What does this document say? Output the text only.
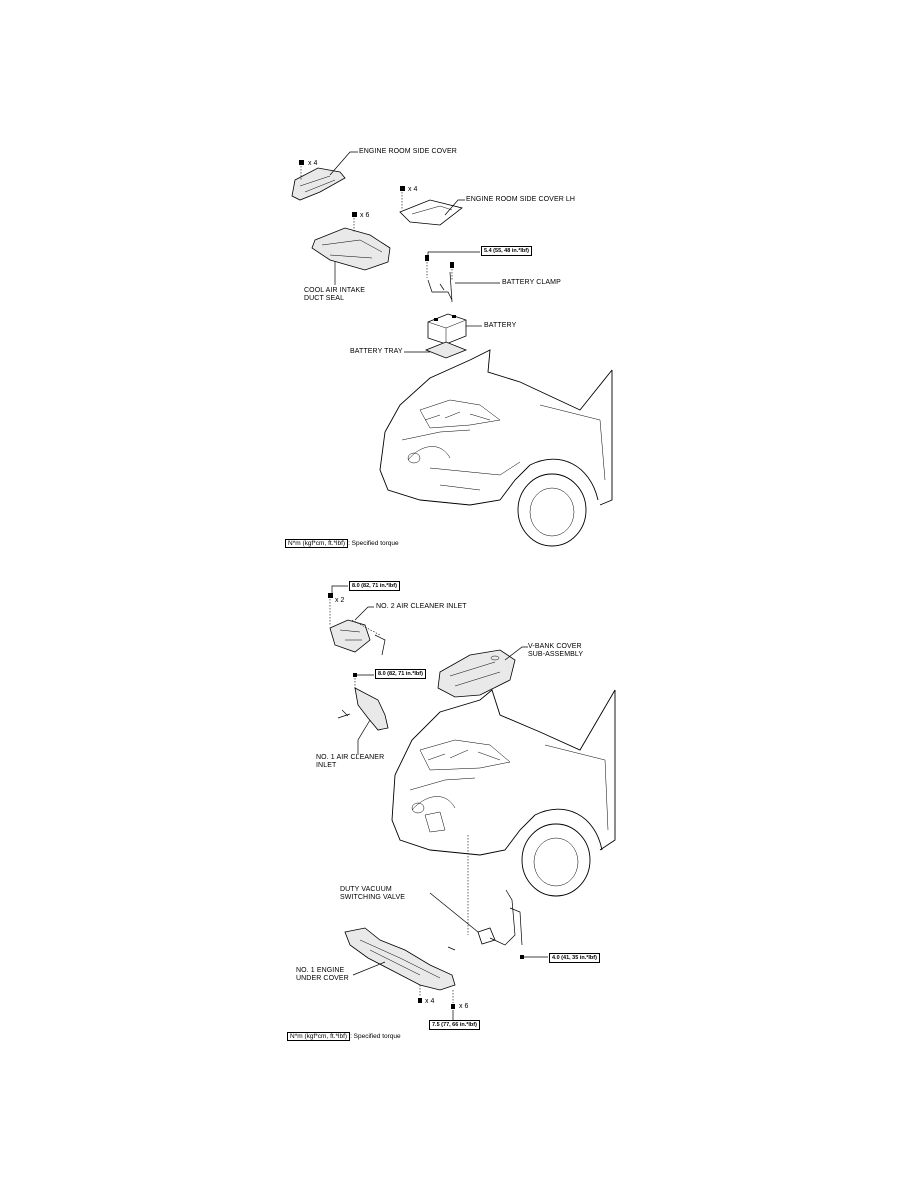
x 4
ENGINE ROOM SIDE COVER
x 4
ENGINE ROOM SIDE COVER LH
x 6
5.4 (55, 48 in.*lbf)
COOL AIR INTAKE
DUCT SEAL
BATTERY CLAMP
BATTERY
BATTERY TRAY
N*m (kgf*cm, ft.*lbf) : Specified torque
8.0 (82, 71 in.*lbf)
x 2
NO. 2 AIR CLEANER INLET
V-BANK COVER
SUB-ASSEMBLY
8.0 (82, 71 in.*lbf)
NO. 1 AIR CLEANER
INLET
DUTY VACUUM
SWITCHING VALVE
4.0 (41, 35 in.*lbf)
NO. 1 ENGINE
UNDER COVER
x 4
x 6
7.5 (77, 66 in.*lbf)
N*m (kgf*cm, ft.*lbf) : Specified torque
